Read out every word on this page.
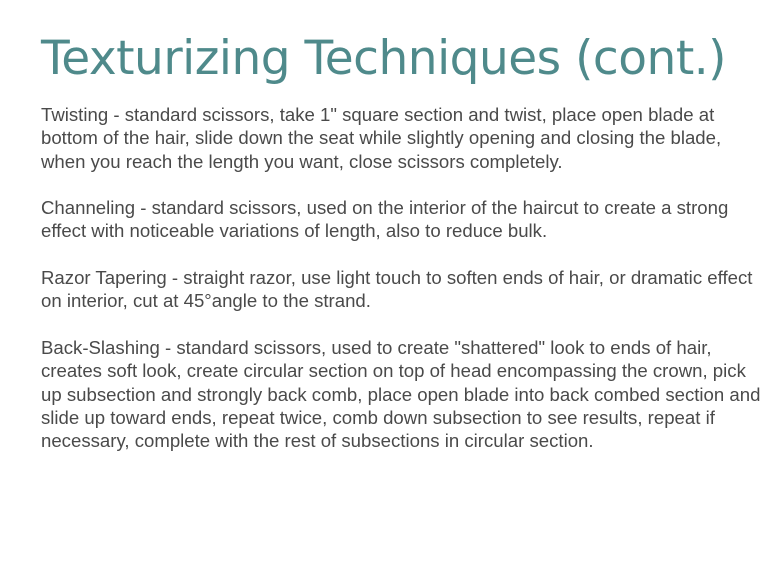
Texturizing Techniques (cont.)

Twisting - standard scissors, take 1" square section and twist, place open blade at bottom of the hair, slide down the seat while slightly opening and closing the blade, when you reach the length you want, close scissors completely.

Channeling - standard scissors, used on the interior of the haircut to create a strong effect with noticeable variations of length, also to reduce bulk.

Razor Tapering - straight razor, use light touch to soften ends of hair, or dramatic effect on interior, cut at 45°angle to the strand.

Back-Slashing - standard scissors, used to create "shattered" look to ends of hair, creates soft look, create circular section on top of head encompassing the crown, pick up subsection and strongly back comb, place open blade into back combed section and slide up toward ends, repeat twice, comb down subsection to see results, repeat if necessary, complete with the rest of subsections in circular section.
